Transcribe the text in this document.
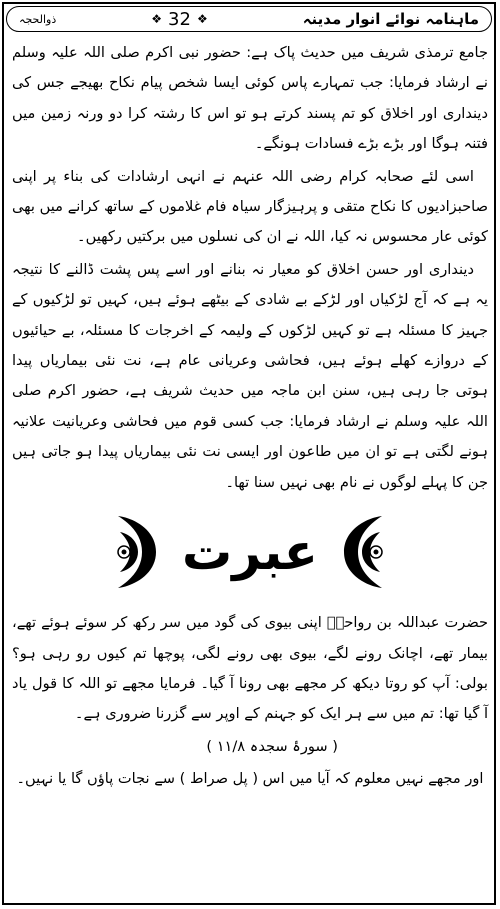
ماہنامہ نوائے انوار مدینہ
❖
32
❖
ذوالحجہ

جامع ترمذی شریف میں حدیث پاک ہے: حضور نبی اکرم صلی اللہ علیہ وسلم نے ارشاد فرمایا: جب تمہارے پاس کوئی ایسا شخص پیام نکاح بھیجے جس کی دینداری اور اخلاق کو تم پسند کرتے ہو تو اس کا رشتہ کرا دو ورنہ زمین میں فتنہ ہوگا اور بڑے بڑے فسادات ہونگے۔

اسی لئے صحابہ کرام رضی اللہ عنہم نے انہی ارشادات کی بناء پر اپنی صاحبزادیوں کا نکاح متقی و پرہیزگار سیاہ فام غلاموں کے ساتھ کرانے میں بھی کوئی عار محسوس نہ کیا، اللہ نے ان کی نسلوں میں برکتیں رکھیں۔

دینداری اور حسن اخلاق کو معیار نہ بنانے اور اسے پس پشت ڈالنے کا نتیجہ یہ ہے کہ آج لڑکیاں اور لڑکے بے شادی کے بیٹھے ہوئے ہیں، کہیں تو لڑکیوں کے جہیز کا مسئلہ ہے تو کہیں لڑکوں کے ولیمہ کے اخرجات کا مسئلہ، بے حیائیوں کے دروازے کھلے ہوئے ہیں، فحاشی وعریانی عام ہے، نت نئی بیماریاں پیدا ہوتی جا رہی ہیں، سنن ابن ماجہ میں حدیث شریف ہے، حضور اکرم صلی اللہ علیہ وسلم نے ارشاد فرمایا: جب کسی قوم میں فحاشی وعریانیت علانیہ ہونے لگتی ہے تو ان میں طاعون اور ایسی نت نئی بیماریاں پیدا ہو جاتی ہیں جن کا پہلے لوگوں نے نام بھی نہیں سنا تھا۔

عبرت

حضرت عبداللہ بن رواحہؓ اپنی بیوی کی گود میں سر رکھ کر سوئے ہوئے تھے، بیمار تھے، اچانک رونے لگے، بیوی بھی رونے لگی، پوچھا تم کیوں رو رہی ہو؟ بولی: آپ کو روتا دیکھ کر مجھے بھی رونا آ گیا۔ فرمایا مجھے تو اللہ کا قول یاد آ گیا تھا: تم میں سے ہر ایک کو جہنم کے اوپر سے گزرنا ضروری ہے۔

( سورۂ سجدہ ۱۱/۸ )

اور مجھے نہیں معلوم کہ آیا میں اس ( پل صراط ) سے نجات پاؤں گا یا نہیں۔
